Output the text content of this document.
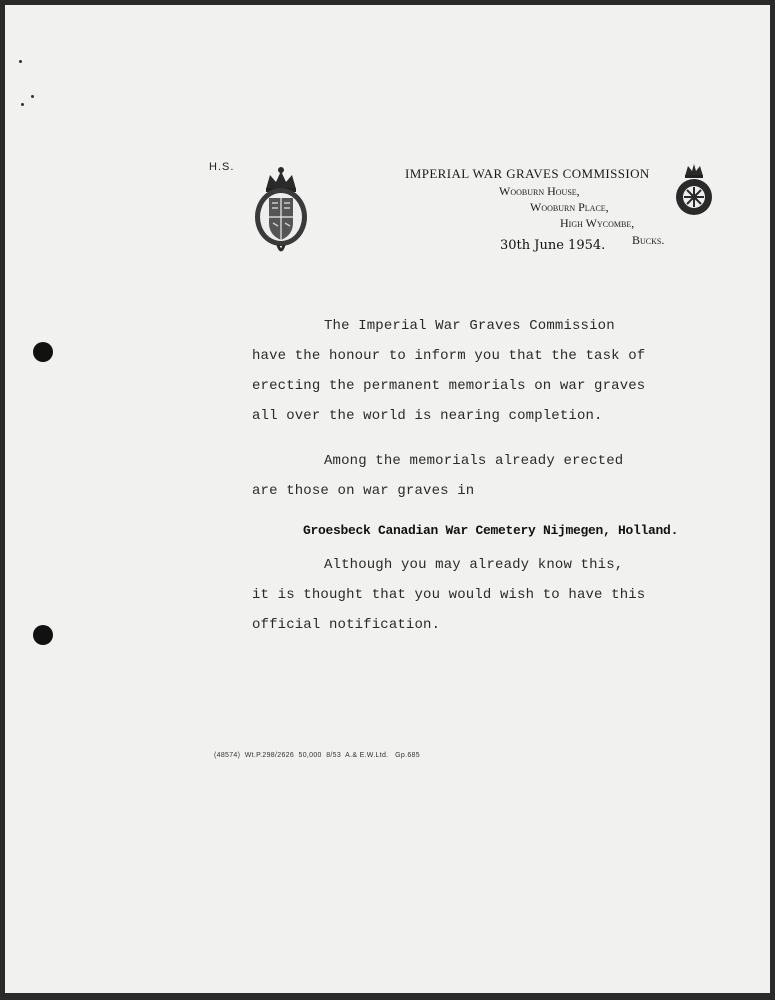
H.S.	IMPERIAL WAR GRAVES COMMISSION
Wooburn House,
Wooburn Place,
High Wycombe,
Bucks.
30th June 1954.
The Imperial War Graves Commission
have the honour to inform you that the task of
erecting the permanent memorials on war graves
all over the world is nearing completion.
Among the memorials already erected
are those on war graves in
Groesbeck Canadian War Cemetery Nijmegen, Holland.
Although you may already know this,
it is thought that you would wish to have this
official notification.
(48574)  Wt.P.298/2626  50,000  8/53  A.& E.W.Ltd.   Gp.685
